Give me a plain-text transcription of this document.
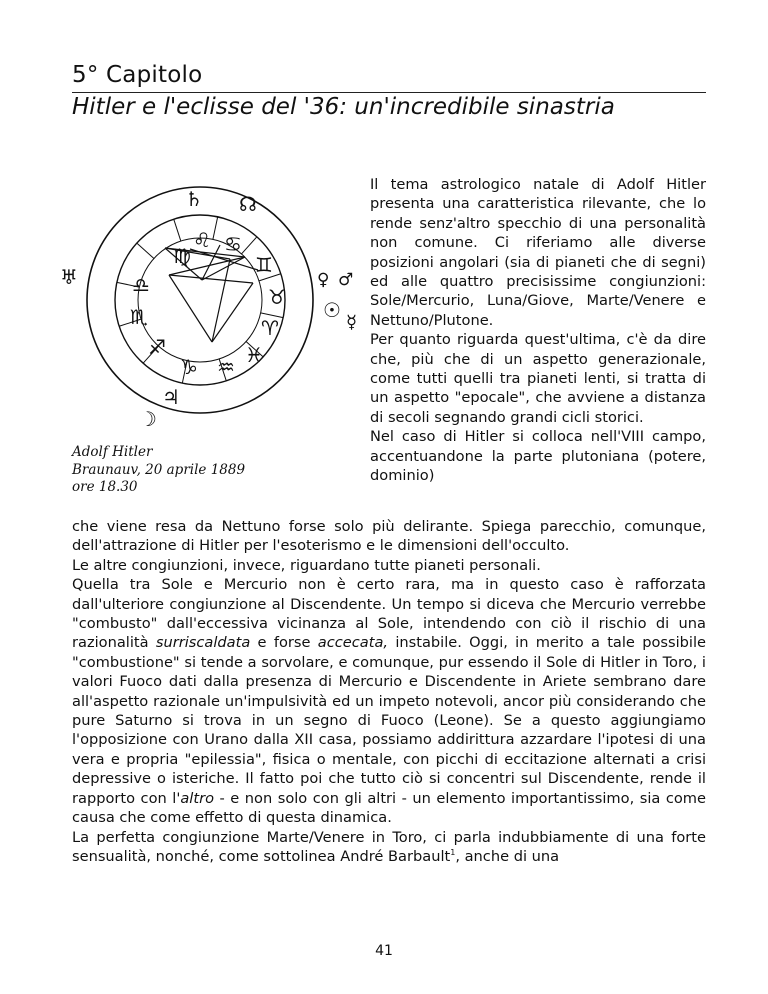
5° Capitolo
Hitler e l'eclisse del '36: un'incredibile sinastria
♍
♌ ♋
♊
♉
♈
♓
♒
♑
♐
♏
♎
♄ ☊
♅	♀ ♂
☉
☿
♃
☽
Adolf Hitler
Braunauv, 20 aprile 1889
ore 18.30

Il tema astrologico natale di Adolf Hitler presenta una caratteristica rilevante, che lo rende senz'altro specchio di una personalità non comune. Ci riferiamo alle diverse posizioni angolari (sia di pianeti che di segni) ed alle quattro precisissime congiunzioni: Sole/Mercurio, Luna/Giove, Marte/Venere e Nettuno/Plutone.

Per quanto riguarda quest'ultima, c'è da dire che, più che di un aspetto generazionale, come tutti quelli tra pianeti lenti, si tratta di un aspetto "epocale", che avviene a distanza di secoli segnando grandi cicli storici.

Nel caso di Hitler si colloca nell'VIII campo, accentuandone la parte plutoniana (potere, dominio)

che viene resa da Nettuno forse solo più delirante. Spiega parecchio, comunque, dell'attrazione di Hitler per l'esoterismo e le dimensioni dell'occulto.

Le altre congiunzioni, invece, riguardano tutte pianeti personali.

Quella tra Sole e Mercurio non è certo rara, ma in questo caso è rafforzata dall'ulteriore congiunzione al Discendente. Un tempo si diceva che Mercurio verrebbe "combusto" dall'eccessiva vicinanza al Sole, intendendo con ciò il rischio di una razionalità surriscaldata e forse accecata, instabile. Oggi, in merito a tale possibile "combustione" si tende a sorvolare, e comunque, pur essendo il Sole di Hitler in Toro, i valori Fuoco dati dalla presenza di Mercurio e Discendente in Ariete sembrano dare all'aspetto razionale un'impulsività ed un impeto notevoli, ancor più considerando che pure Saturno si trova in un segno di Fuoco (Leone). Se a questo aggiungiamo l'opposizione con Urano dalla XII casa, possiamo addirittura azzardare l'ipotesi di una vera e propria "epilessia", fisica o mentale, con picchi di eccitazione alternati a crisi depressive o isteriche. Il fatto poi che tutto ciò si concentri sul Discendente, rende il rapporto con l'altro - e non solo con gli altri - un elemento importantissimo, sia come causa che come effetto di questa dinamica.

La perfetta congiunzione Marte/Venere in Toro, ci parla indubbiamente di una forte sensualità, nonché, come sottolinea André Barbault$^1$, anche di una

41
